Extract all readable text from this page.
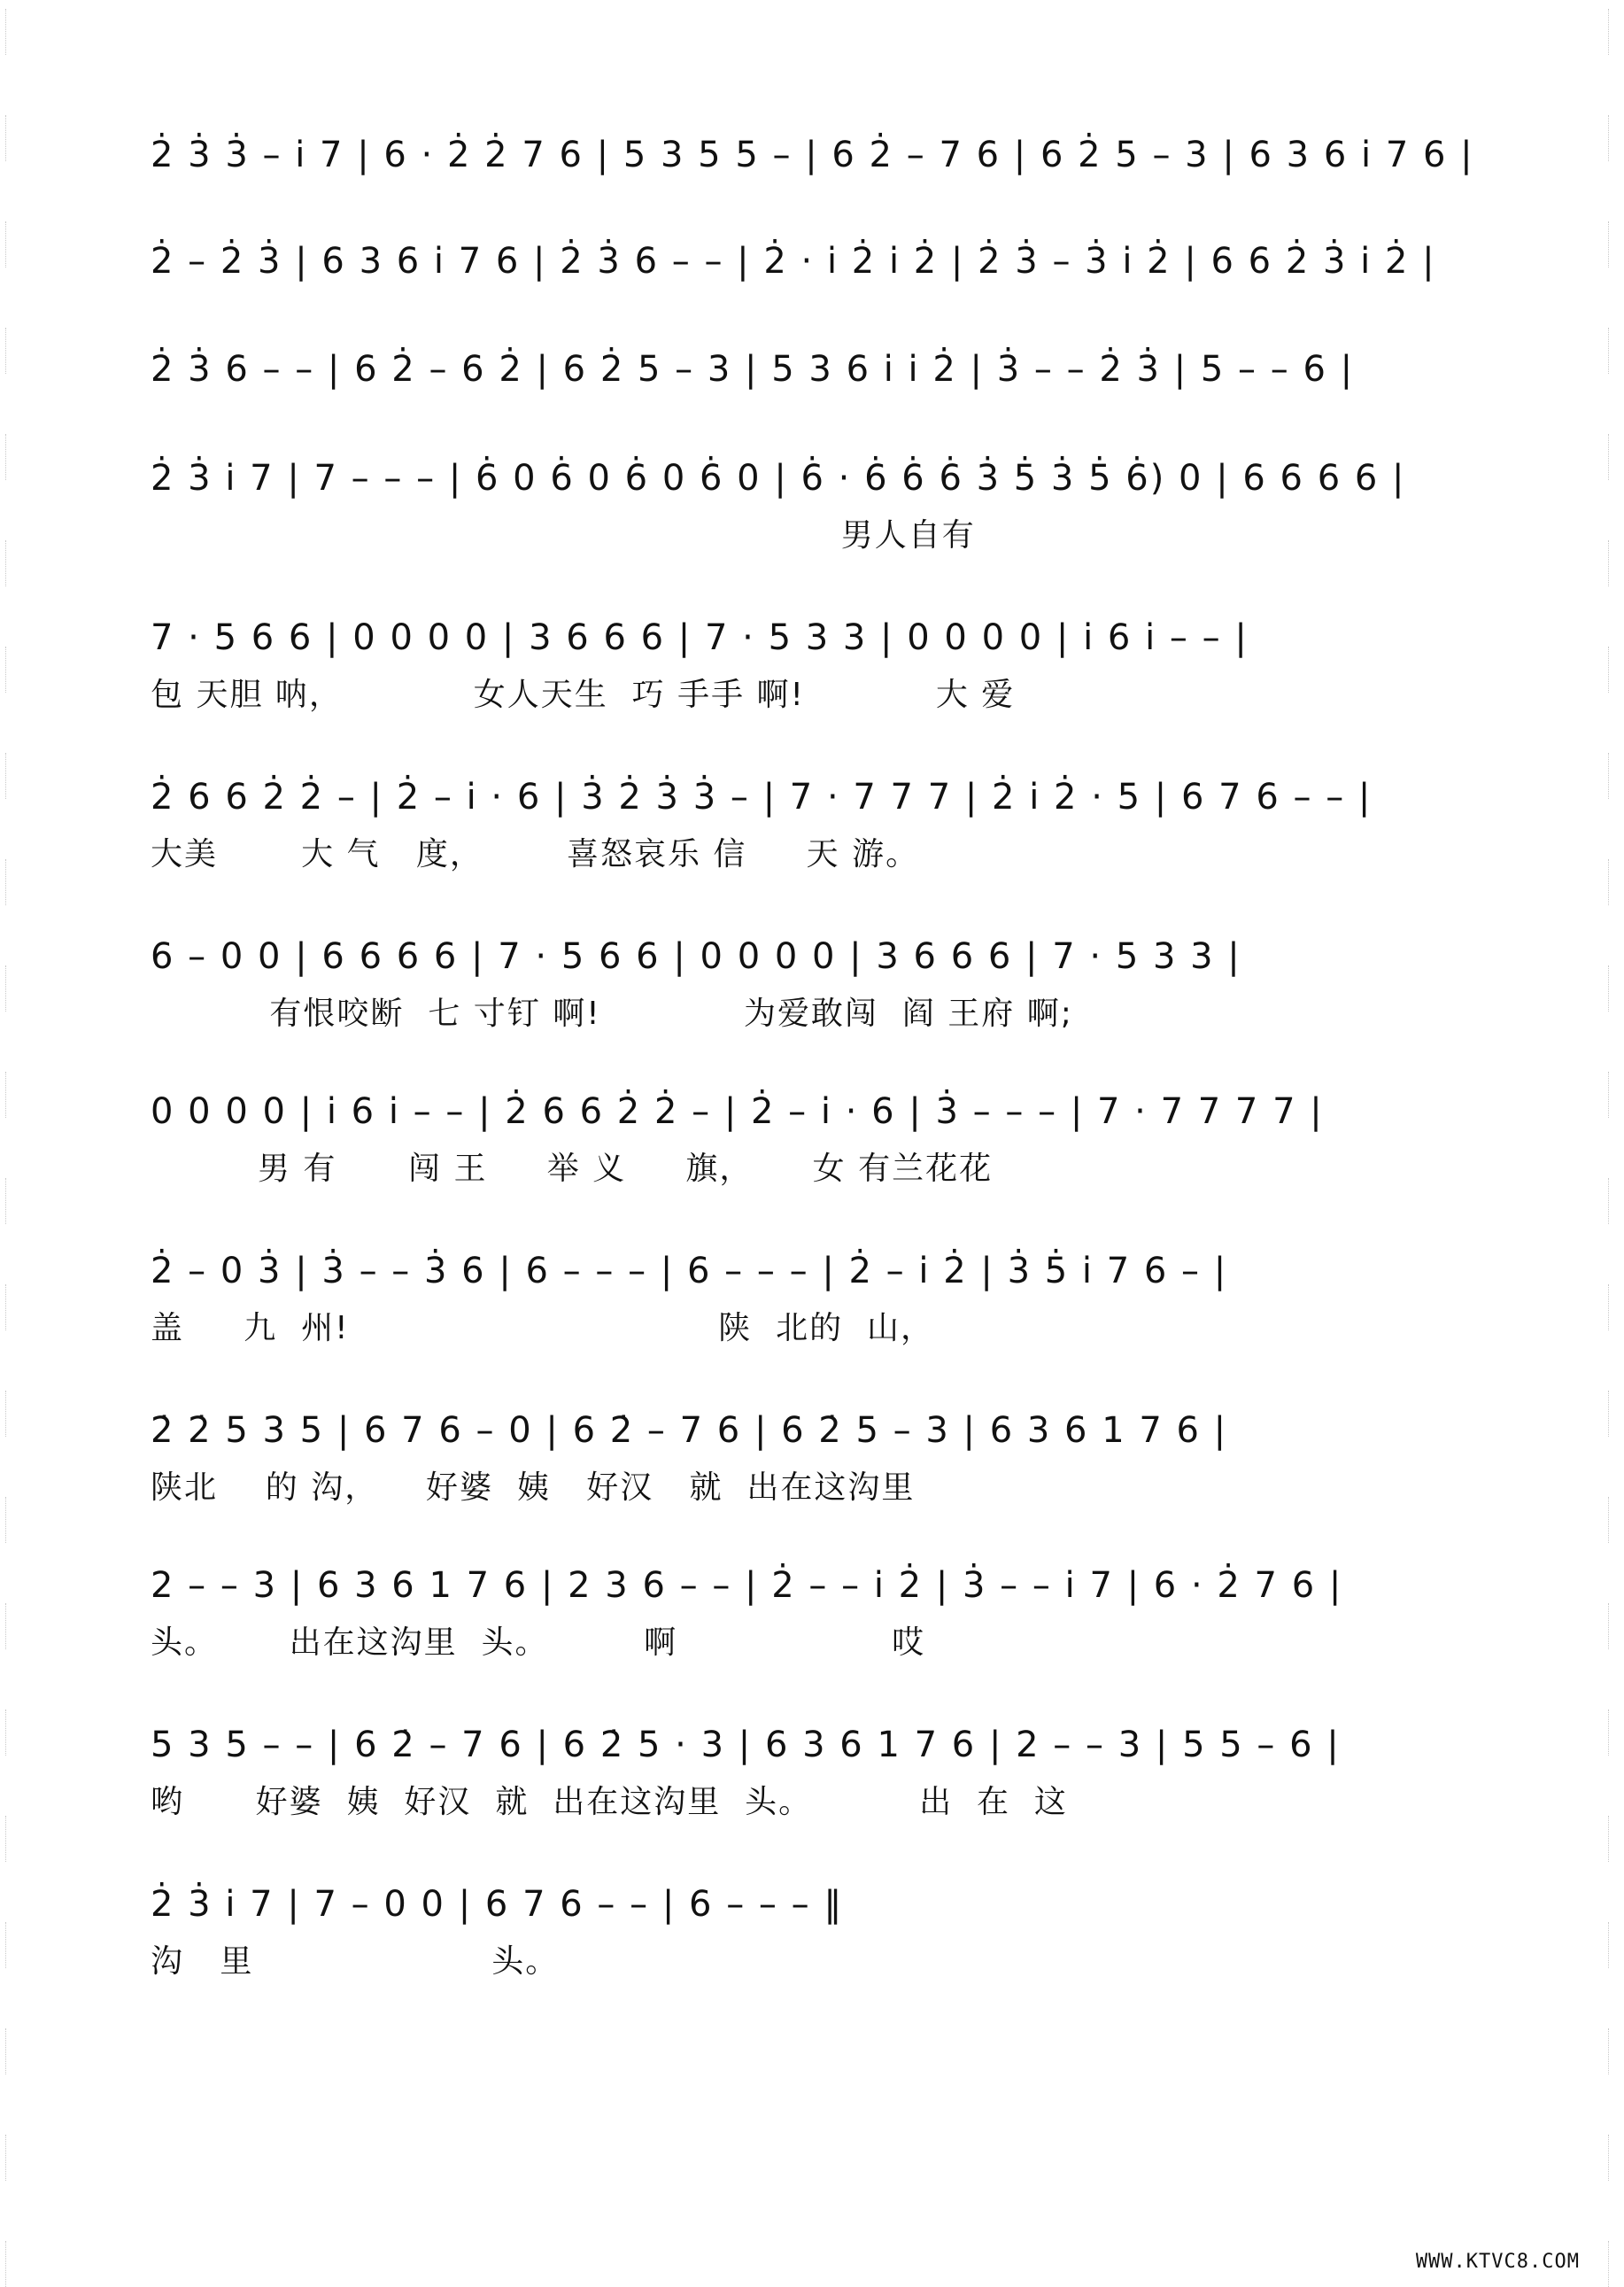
2̇ 3̇ 3̇ – i̇ 7 | 6 · 2̇ 2̇ 7 6 | 5 3 5 5 – | 6 2̇ – 7 6 | 6 2̇ 5 – 3 | 6 3 6 i̇ 7 6 |
2̇ – 2̇ 3̇ | 6 3 6 i̇ 7 6 | 2̇ 3̇ 6 – – | 2̇ · i̇ 2̇ i̇ 2̇ | 2̇ 3̇ – 3̇ i̇ 2̇ | 6 6 2̇ 3̇ i̇ 2̇ |
2̇ 3̇ 6 – – | 6 2̇ – 6 2̇ | 6 2̇ 5 – 3 | 5 3 6 i̇ i̇ 2̇ | 3̇ – – 2̇ 3̇ | 5 – – 6 |
2̇ 3̇ i̇ 7 | 7 – – – | 6̇ 0 6̇ 0 6̇ 0 6̇ 0 | 6̇ · 6̇ 6̇ 6̇ 3̇ 5̇ 3̇ 5̇ 6̇) 0 | 6 6 6 6 |
男人自有
7 · 5 6 6 | 0 0 0 0 | 3 6 6 6 | 7 · 5 3 3 | 0 0 0 0 | i̇ 6 i̇ – – |
包 天胆 呐，           女人天生  巧 手手 啊!           大 爱
2̇ 6 6 2̇ 2̇ – | 2̇ – i̇ · 6 | 3̇ 2̇ 3̇ 3̇ – | 7 · 7 7 7 | 2̇ i̇ 2̇ · 5 | 6 7 6 – – |
大美       大 气   度，       喜怒哀乐 信     天 游。
6 – 0 0 | 6 6 6 6 | 7 · 5 6 6 | 0 0 0 0 | 3 6 6 6 | 7 · 5 3 3 |
有恨咬断  七 寸钉 啊!            为爱敢闯  阎 王府 啊;
0 0 0 0 | i̇ 6 i̇ – – | 2̇ 6 6 2̇ 2̇ – | 2̇ – i̇ · 6 | 3̇ – – – | 7 · 7 7 7 7 |
男 有      闯 王     举 义     旗，     女 有兰花花
2̇ – 0 3̇ | 3̇ – – 3̇ 6 | 6 – – – | 6 – – – | 2̇ – i̇ 2̇ | 3̇ 5̇ i̇ 7 6 – |
盖     九  州!                               陕  北的  山，
2̇ 2̇ 5 3 5 | 6 7 6 – 0 | 6 2̇ – 7 6 | 6 2̇ 5 – 3 | 6 3 6 1 7 6 |
陕北    的 沟，    好婆  姨   好汉   就  出在这沟里
2 – – 3 | 6 3 6 1 7 6 | 2 3 6 – – | 2̇ – – i̇ 2̇ | 3̇ – – i̇ 7 | 6 · 2̇ 7 6 |
头。      出在这沟里  头。        啊                  哎
5 3 5 – – | 6 2̇ – 7 6 | 6 2̇ 5 · 3 | 6 3 6 1 7 6 | 2 – – 3 | 5 5 – 6 |
哟      好婆  姨  好汉  就  出在这沟里  头。         出  在  这
2̇ 3̇ i̇ 7 | 7 – 0 0 | 6 7 6 – – | 6 – – – ‖
沟   里                    头。
WWW.KTVC8.COM
